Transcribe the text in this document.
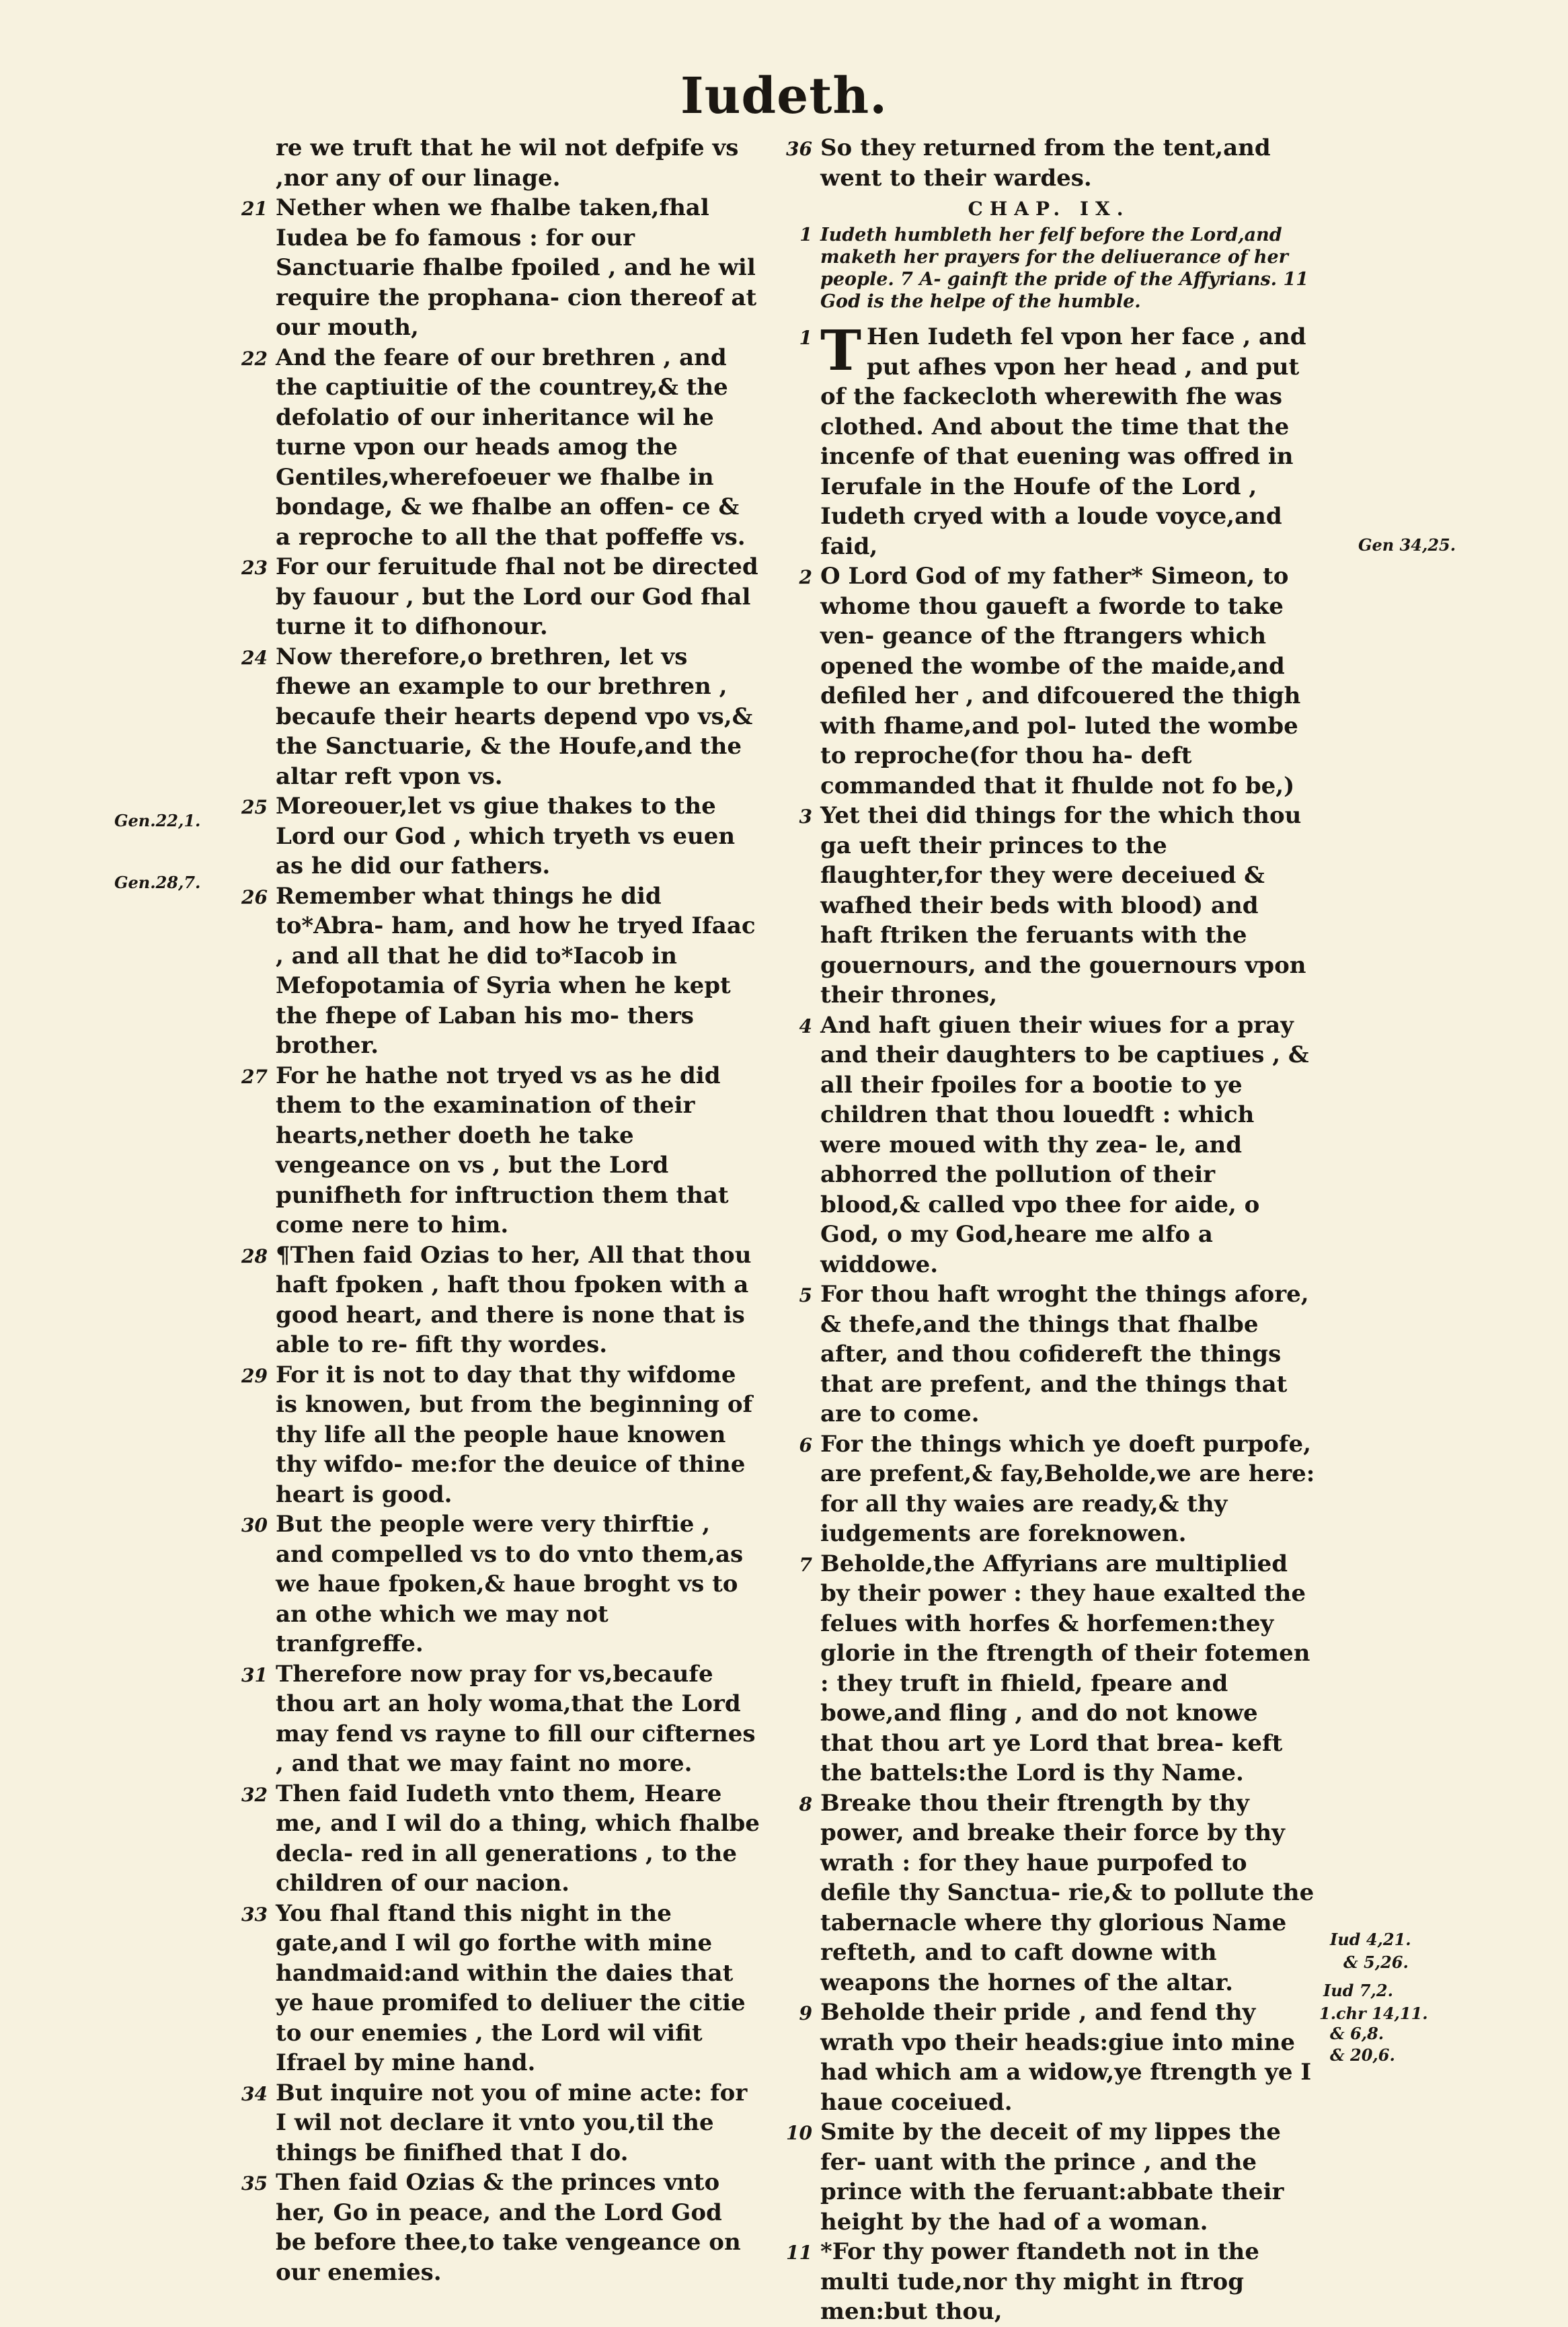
Iudeth.
re we truft that he wil not defpife vs ,nor any of our linage.
21 Nether when we fhalbe taken,fhal Iudea be fo famous : for our Sanctuarie fhalbe fpoiled , and he wil require the prophana- cion thereof at our mouth,
22 And the feare of our brethren , and the captiuitie of the countrey,& the defolatio of our inheritance wil he turne vpon our heads amog the Gentiles,wherefoeuer we fhalbe in bondage, & we fhalbe an offen- ce & a reproche to all the that poffeffe vs.
23 For our feruitude fhal not be directed by fauour , but the Lord our God fhal turne it to difhonour.
24 Now therefore,o brethren, let vs fhewe an example to our brethren , becaufe their hearts depend vpo vs,& the Sanctuarie, & the Houfe,and the altar reft vpon vs.
25 Moreouer,let vs giue thakes to the Lord our God , which tryeth vs euen as he did our fathers.
26 Remember what things he did to*Abra- ham, and how he tryed Ifaac , and all that he did to*Iacob in Mefopotamia of Syria when he kept the fhepe of Laban his mo- thers brother.
27 For he hathe not tryed vs as he did them to the examination of their hearts,nether doeth he take vengeance on vs , but the Lord punifheth for inftruction them that come nere to him.
28 ¶Then faid Ozias to her, All that thou haft fpoken , haft thou fpoken with a good heart, and there is none that is able to re- fift thy wordes.
29 For it is not to day that thy wifdome is knowen, but from the beginning of thy life all the people haue knowen thy wifdo- me:for the deuice of thine heart is good.
30 But the people were very thirftie , and compelled vs to do vnto them,as we haue fpoken,& haue broght vs to an othe which we may not tranfgreffe.
31 Therefore now pray for vs,becaufe thou art an holy woma,that the Lord may fend vs rayne to fill our cifternes , and that we may faint no more.
32 Then faid Iudeth vnto them, Heare me, and I wil do a thing, which fhalbe decla- red in all generations , to the children of our nacion.
33 You fhal ftand this night in the gate,and I wil go forthe with mine handmaid:and within the daies that ye haue promifed to deliuer the citie to our enemies , the Lord wil vifit Ifrael by mine hand.
34 But inquire not you of mine acte: for I wil not declare it vnto you,til the things be finifhed that I do.
35 Then faid Ozias & the princes vnto her, Go in peace, and the Lord God be before thee,to take vengeance on our enemies.
36 So they returned from the tent,and went to their wardes.
CHAP. IX.
1 Iudeth humbleth her felf before the Lord,and maketh her prayers for the deliuerance of her people. 7 A- gainft the pride of the Affyrians. 11 God is the helpe of the humble.
1 T Hen Iudeth fel vpon her face , and put afhes vpon her head , and put of the fackecloth wherewith fhe was clothed. And about the time that the incenfe of that euening was offred in Ierufale in the Houfe of the Lord , Iudeth cryed with a loude voyce,and faid,
2 O Lord God of my father* Simeon, to whome thou gaueft a fworde to take ven- geance of the ftrangers which opened the wombe of the maide,and defiled her , and difcouered the thigh with fhame,and pol- luted the wombe to reproche(for thou ha- deft commanded that it fhulde not fo be,)
3 Yet thei did things for the which thou ga ueft their princes to the flaughter,for they were deceiued & wafhed their beds with blood) and haft ftriken the feruants with the gouernours, and the gouernours vpon their thrones,
4 And haft giuen their wiues for a pray and their daughters to be captiues , & all their fpoiles for a bootie to ye children that thou louedft : which were moued with thy zea- le, and abhorred the pollution of their blood,& called vpo thee for aide, o God, o my God,heare me alfo a widdowe.
5 For thou haft wroght the things afore, & thefe,and the things that fhalbe after, and thou cofidereft the things that are prefent, and the things that are to come.
6 For the things which ye doeft purpofe, are prefent,& fay,Beholde,we are here: for all thy waies are ready,& thy iudgements are foreknowen.
7 Beholde,the Affyrians are multiplied by their power : they haue exalted the felues with horfes & horfemen:they glorie in the ftrength of their fotemen : they truft in fhield, fpeare and bowe,and fling , and do not knowe that thou art ye Lord that brea- keft the battels:the Lord is thy Name.
8 Breake thou their ftrength by thy power, and breake their force by thy wrath : for they haue purpofed to defile thy Sanctua- rie,& to pollute the tabernacle where thy glorious Name refteth, and to caft downe with weapons the hornes of the altar.
9 Beholde their pride , and fend thy wrath vpo their heads:giue into mine had which am a widow,ye ftrength ye I haue coceiued.
10 Smite by the deceit of my lippes the fer- uant with the prince , and the prince with the feruant:abbate their height by the had of a woman.
11 *For thy power ftandeth not in the multi tude,nor thy might in ftrog men:but thou,
Gen 34,25.
Gen.22,1.
Gen.28,7.
Iud 4,21.
& 5,26.
Iud 7,2.
1.chr 14,11.
& 6,8.
& 20,6.
